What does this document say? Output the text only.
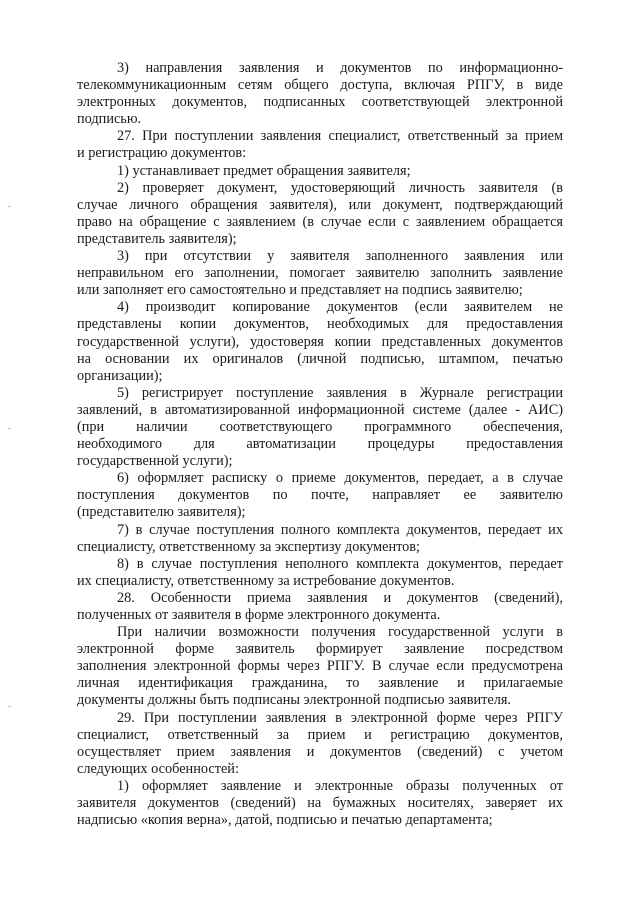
3) направления заявления и документов по информационно-
телекоммуникационным сетям общего доступа, включая РПГУ, в виде
электронных документов, подписанных соответствующей электронной
подписью.
27. При поступлении заявления специалист, ответственный за прием
и регистрацию документов:
1) устанавливает предмет обращения заявителя;
2) проверяет документ, удостоверяющий личность заявителя (в
случае личного обращения заявителя), или документ, подтверждающий
право на обращение с заявлением (в случае если с заявлением обращается
представитель заявителя);
3) при отсутствии у заявителя заполненного заявления или
неправильном его заполнении, помогает заявителю заполнить заявление
или заполняет его самостоятельно и представляет на подпись заявителю;
4) производит копирование документов (если заявителем не
представлены копии документов, необходимых для предоставления
государственной услуги), удостоверяя копии представленных документов
на основании их оригиналов (личной подписью, штампом, печатью
организации);
5) регистрирует поступление заявления в Журнале регистрации
заявлений, в автоматизированной информационной системе (далее - АИС)
(при наличии соответствующего программного обеспечения,
необходимого для автоматизации процедуры предоставления
государственной услуги);
6) оформляет расписку о приеме документов, передает, а в случае
поступления документов по почте, направляет ее заявителю
(представителю заявителя);
7) в случае поступления полного комплекта документов, передает их
специалисту, ответственному за экспертизу документов;
8) в случае поступления неполного комплекта документов, передает
их специалисту, ответственному за истребование документов.
28. Особенности приема заявления и документов (сведений),
полученных от заявителя в форме электронного документа.
При наличии возможности получения государственной услуги в
электронной форме заявитель формирует заявление посредством
заполнения электронной формы через РПГУ. В случае если предусмотрена
личная идентификация гражданина, то заявление и прилагаемые
документы должны быть подписаны электронной подписью заявителя.
29. При поступлении заявления в электронной форме через РПГУ
специалист, ответственный за прием и регистрацию документов,
осуществляет прием заявления и документов (сведений) с учетом
следующих особенностей:
1) оформляет заявление и электронные образы полученных от
заявителя документов (сведений) на бумажных носителях, заверяет их
надписью «копия верна», датой, подписью и печатью департамента;
